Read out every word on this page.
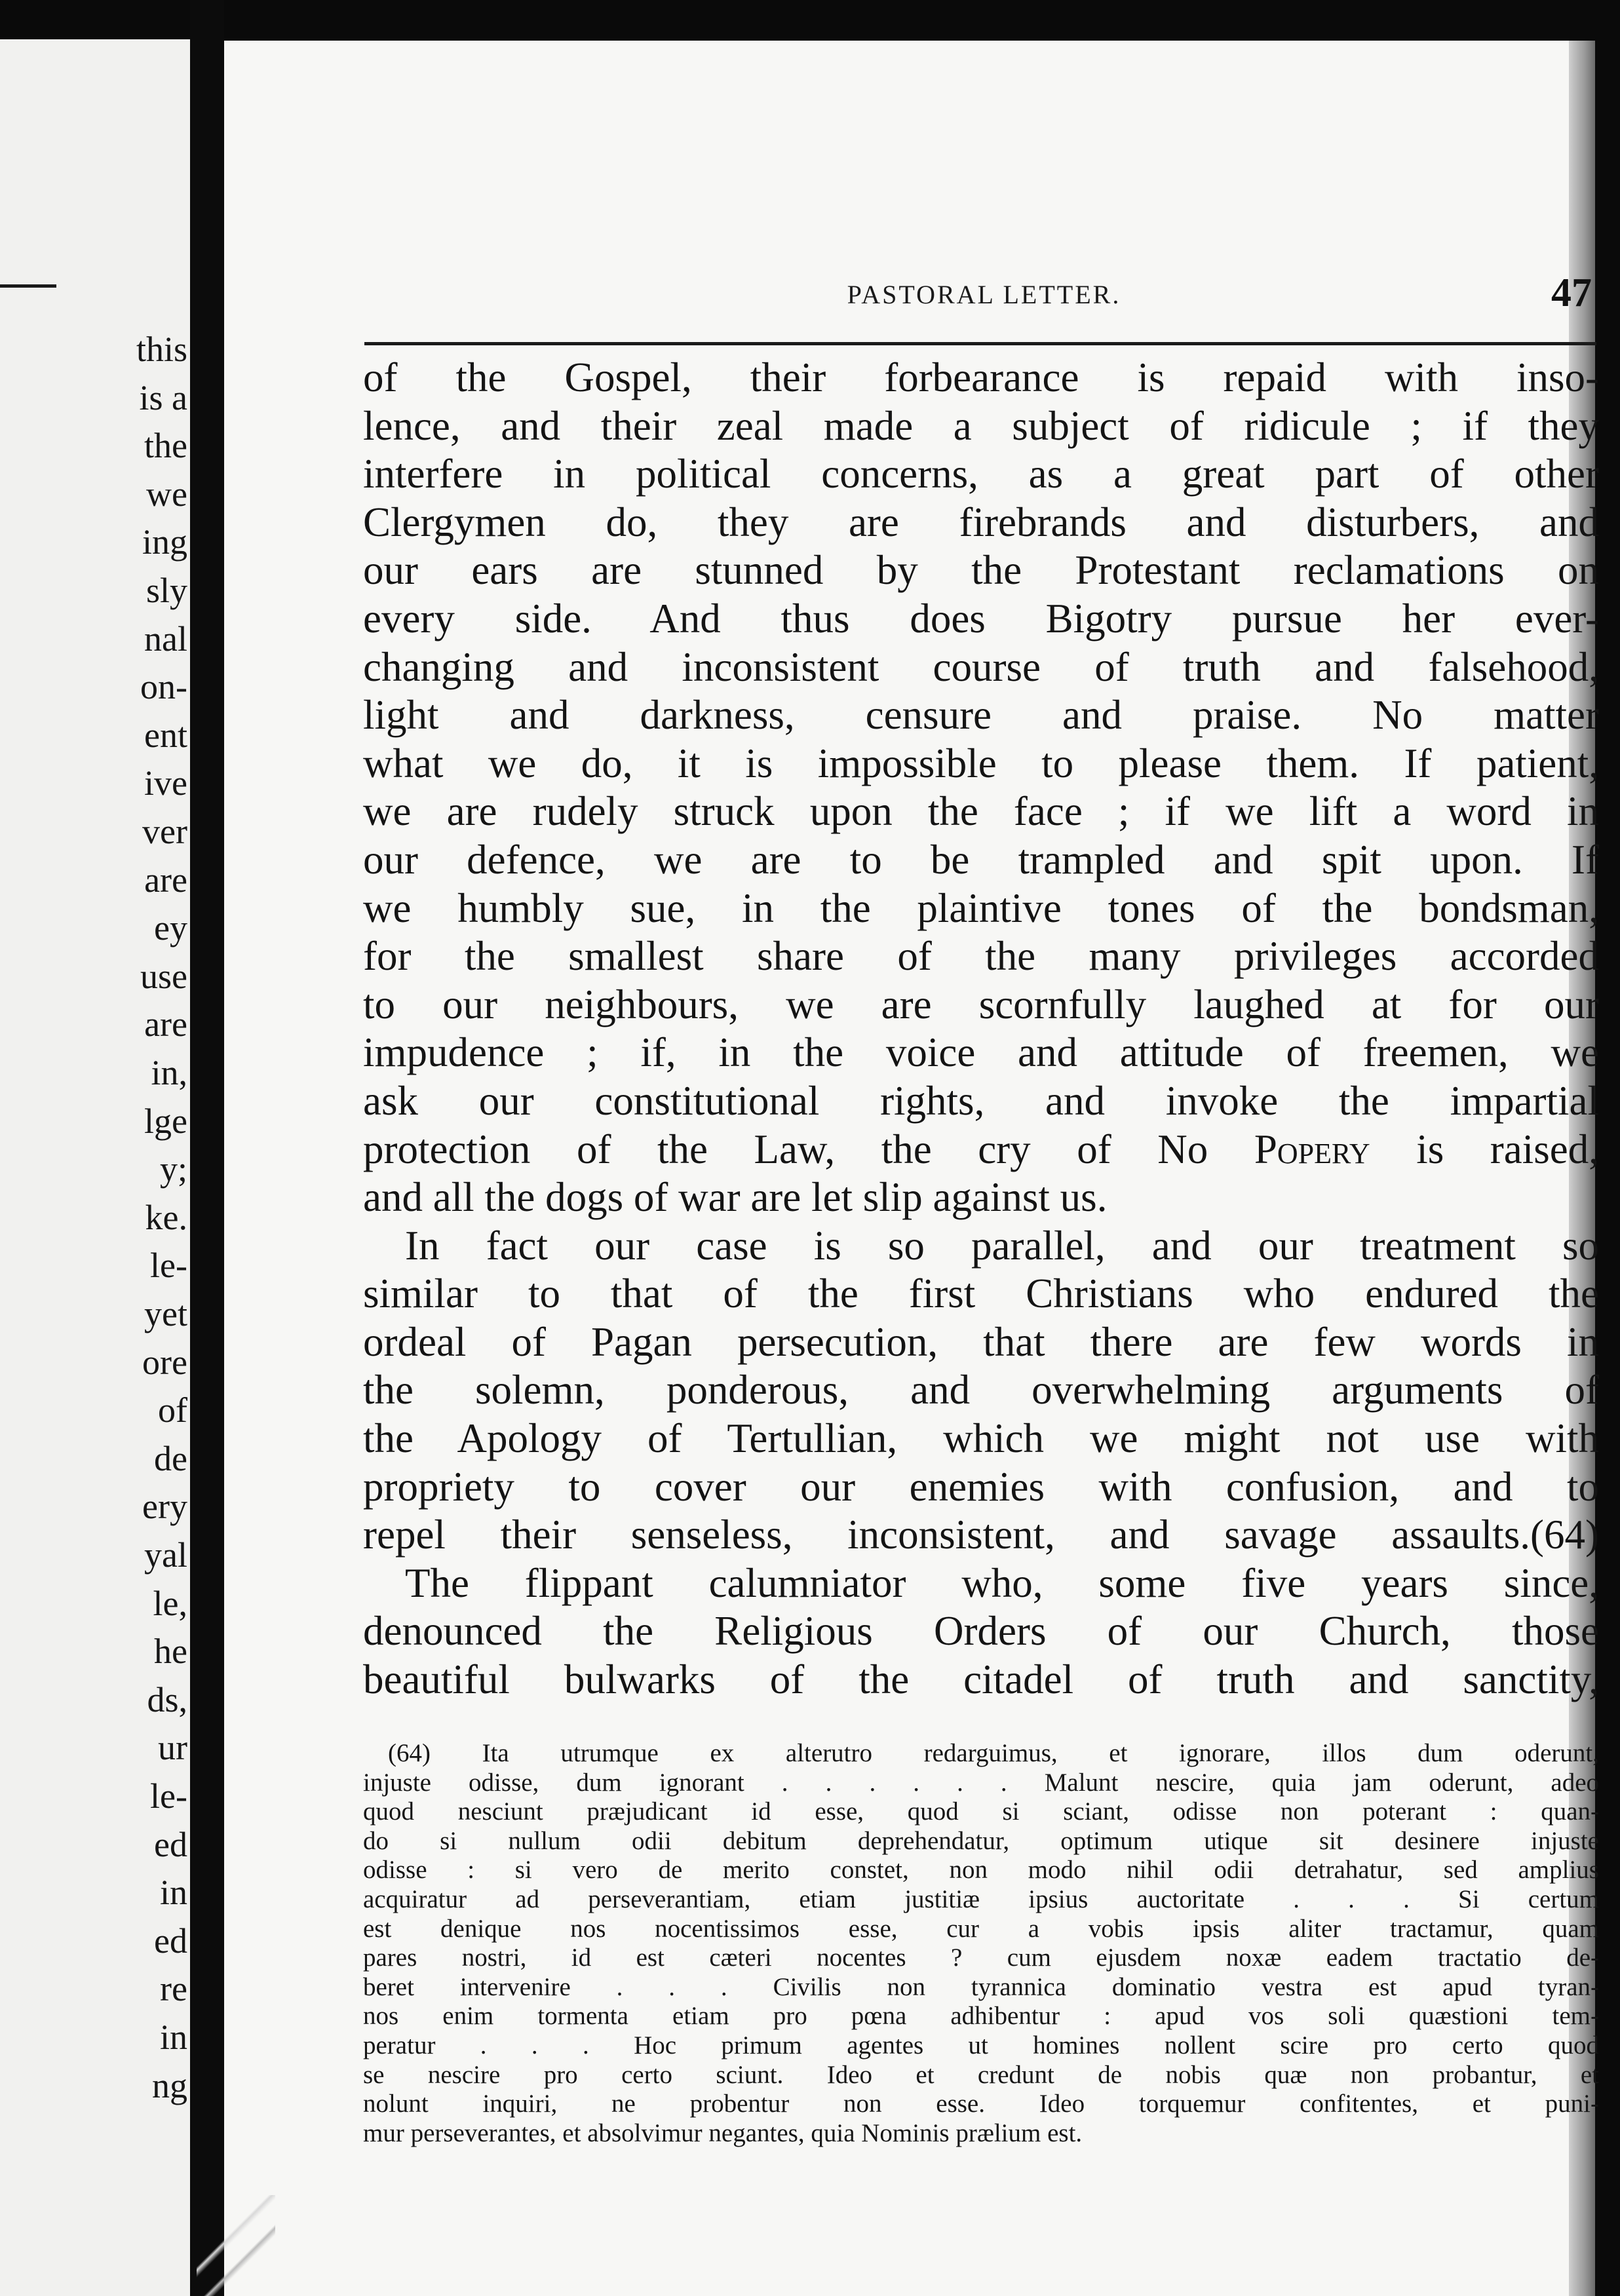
this
is a
the
we
ing
sly
nal
on-
ent
ive
ver
are
ey
use
are
in,
lge
y;
ke.
le-
yet
ore
of
de
ery
yal
le,
he
ds,
ur
le-
ed
in
ed
re
in
ng
PASTORAL LETTER.	47
of the Gospel, their forbearance is repaid with inso-
lence, and their zeal made a subject of ridicule ; if they
interfere in political concerns, as a great part of other
Clergymen do, they are firebrands and disturbers, and
our ears are stunned by the Protestant reclamations on
every side. And thus does Bigotry pursue her ever-
changing and inconsistent course of truth and falsehood,
light and darkness, censure and praise. No matter
what we do, it is impossible to please them. If patient,
we are rudely struck upon the face ; if we lift a word in
our defence, we are to be trampled and spit upon. If
we humbly sue, in the plaintive tones of the bondsman,
for the smallest share of the many privileges accorded
to our neighbours, we are scornfully laughed at for our
impudence ; if, in the voice and attitude of freemen, we
ask our constitutional rights, and invoke the impartial
protection of the Law, the cry of No Popery is raised,
and all the dogs of war are let slip against us.
In fact our case is so parallel, and our treatment so
similar to that of the first Christians who endured the
ordeal of Pagan persecution, that there are few words in
the solemn, ponderous, and overwhelming arguments of
the Apology of Tertullian, which we might not use with
propriety to cover our enemies with confusion, and to
repel their senseless, inconsistent, and savage assaults.(64)
The flippant calumniator who, some five years since,
denounced the Religious Orders of our Church, those
beautiful bulwarks of the citadel of truth and sanctity,
(64) Ita utrumque ex alterutro redarguimus, et ignorare, illos dum oderunt,
injuste odisse, dum ignorant . . . . . . Malunt nescire, quia jam oderunt, adeo
quod nesciunt præjudicant id esse, quod si sciant, odisse non poterant : quan-
do si nullum odii debitum deprehendatur, optimum utique sit desinere injuste
odisse : si vero de merito constet, non modo nihil odii detrahatur, sed amplius
acquiratur ad perseverantiam, etiam justitiæ ipsius auctoritate . . . Si certum
est denique nos nocentissimos esse, cur a vobis ipsis aliter tractamur, quam
pares nostri, id est cæteri nocentes ? cum ejusdem noxæ eadem tractatio de-
beret intervenire . . . Civilis non tyrannica dominatio vestra est apud tyran-
nos enim tormenta etiam pro pœna adhibentur : apud vos soli quæstioni tem-
peratur . . . Hoc primum agentes ut homines nollent scire pro certo quod
se nescire pro certo sciunt. Ideo et credunt de nobis quæ non probantur, et
nolunt inquiri, ne probentur non esse. Ideo torquemur confitentes, et puni-
mur perseverantes, et absolvimur negantes, quia Nominis prælium est.
